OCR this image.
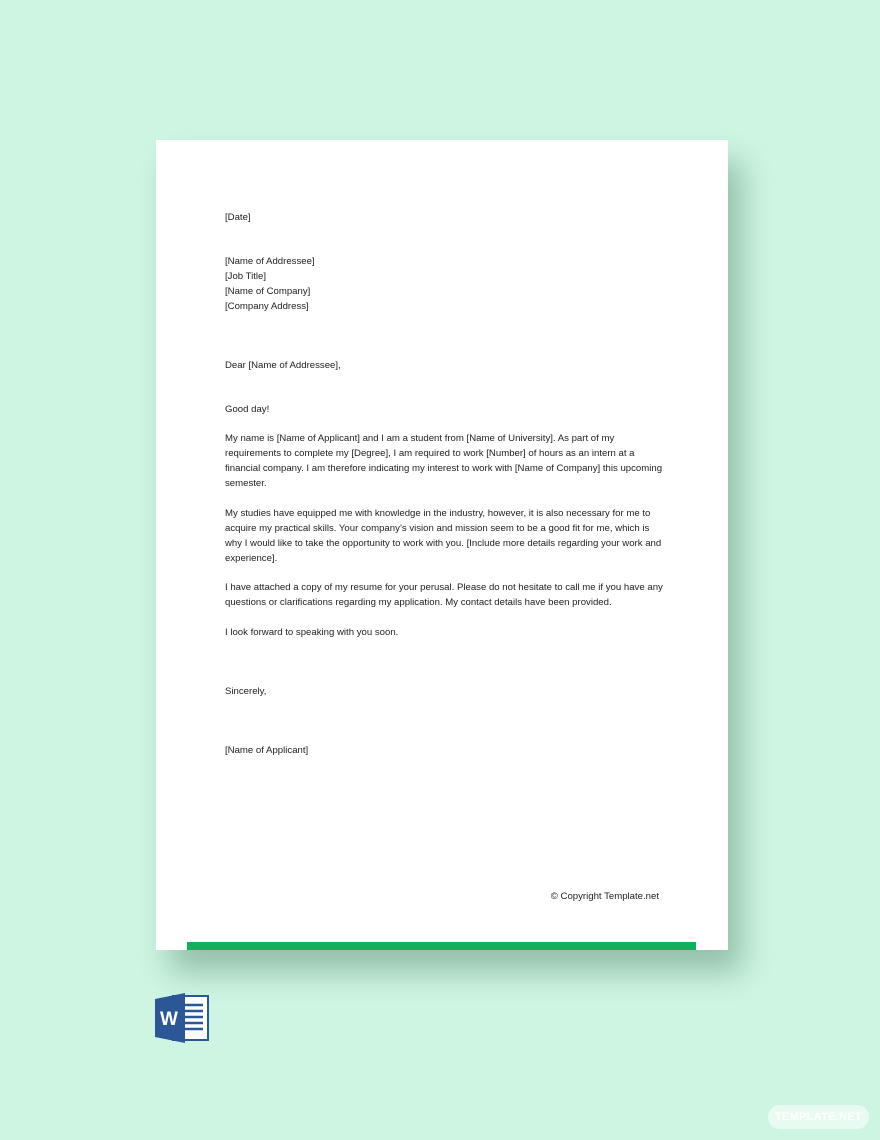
[Date]

[Name of Addressee]

[Job Title]

[Name of Company]

[Company Address]

Dear [Name of Addressee],

Good day!

My name is [Name of Applicant] and I am a student from [Name of University]. As part of my requirements to complete my [Degree], I am required to work [Number] of hours as an intern at a financial company. I am therefore indicating my interest to work with [Name of Company] this upcoming semester.

My studies have equipped me with knowledge in the industry, however, it is also necessary for me to acquire my practical skills. Your company’s vision and mission seem to be a good fit for me, which is why I would like to take the opportunity to work with you. [Include more details regarding your work and experience].

I have attached a copy of my resume for your perusal. Please do not hesitate to call me if you have any questions or clarifications regarding my application. My contact details have been provided.

I look forward to speaking with you soon.

Sincerely,

[Name of Applicant]

© Copyright Template.net
W
TEMPLATE.NET
